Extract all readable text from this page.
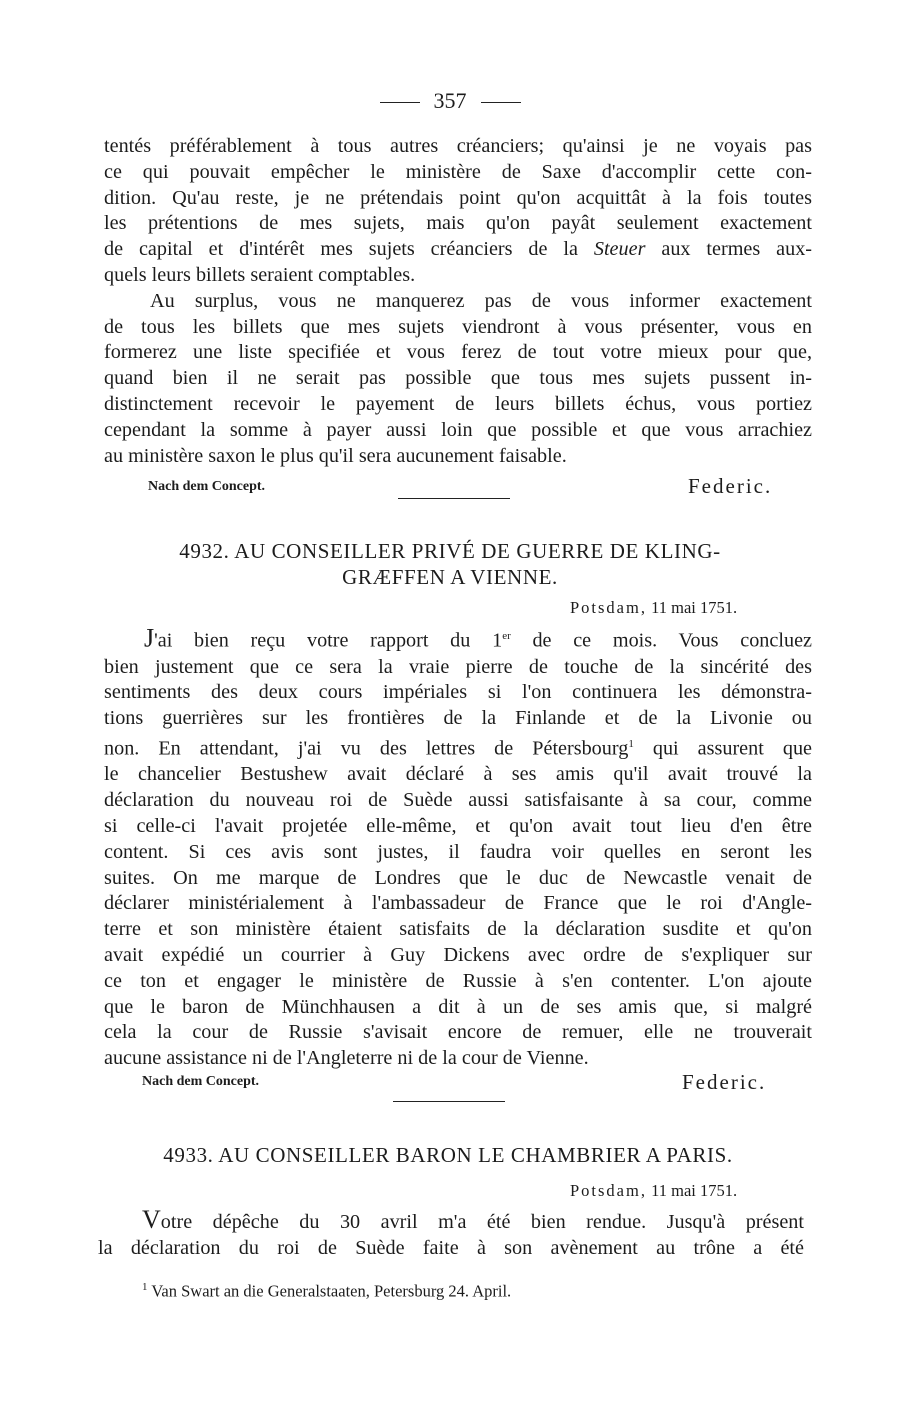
357
tentés préférablement à tous autres créanciers; qu'ainsi je ne voyais pas
ce qui pouvait empêcher le ministère de Saxe d'accomplir cette con-
dition. Qu'au reste, je ne prétendais point qu'on acquittât à la fois toutes
les prétentions de mes sujets, mais qu'on payât seulement exactement
de capital et d'intérêt mes sujets créanciers de la Steuer aux termes aux-
quels leurs billets seraient comptables.
Au surplus, vous ne manquerez pas de vous informer exactement
de tous les billets que mes sujets viendront à vous présenter, vous en
formerez une liste specifiée et vous ferez de tout votre mieux pour que,
quand bien il ne serait pas possible que tous mes sujets pussent in-
distinctement recevoir le payement de leurs billets échus, vous portiez
cependant la somme à payer aussi loin que possible et que vous arrachiez
au ministère saxon le plus qu'il sera aucunement faisable.
Nach dem Concept.	Federic.
4932. AU CONSEILLER PRIVÉ DE GUERRE DE KLING-
GRÆFFEN A VIENNE.
Potsdam, 11 mai 1751.
J'ai bien reçu votre rapport du 1er de ce mois. Vous concluez
bien justement que ce sera la vraie pierre de touche de la sincérité des
sentiments des deux cours impériales si l'on continuera les démonstra-
tions guerrières sur les frontières de la Finlande et de la Livonie ou
non. En attendant, j'ai vu des lettres de Pétersbourg$^1$ qui assurent que
le chancelier Bestushew avait déclaré à ses amis qu'il avait trouvé la
déclaration du nouveau roi de Suède aussi satisfaisante à sa cour, comme
si celle-ci l'avait projetée elle-même, et qu'on avait tout lieu d'en être
content. Si ces avis sont justes, il faudra voir quelles en seront les
suites. On me marque de Londres que le duc de Newcastle venait de
déclarer ministérialement à l'ambassadeur de France que le roi d'Angle-
terre et son ministère étaient satisfaits de la déclaration susdite et qu'on
avait expédié un courrier à Guy Dickens avec ordre de s'expliquer sur
ce ton et engager le ministère de Russie à s'en contenter. L'on ajoute
que le baron de Münchhausen a dit à un de ses amis que, si malgré
cela la cour de Russie s'avisait encore de remuer, elle ne trouverait
aucune assistance ni de l'Angleterre ni de la cour de Vienne.
Nach dem Concept.	Federic.
4933. AU CONSEILLER BARON LE CHAMBRIER A PARIS.
Potsdam, 11 mai 1751.
Votre dépêche du 30 avril m'a été bien rendue. Jusqu'à présent
la déclaration du roi de Suède faite à son avènement au trône a été
$^1$ Van Swart an die Generalstaaten, Petersburg 24. April.
